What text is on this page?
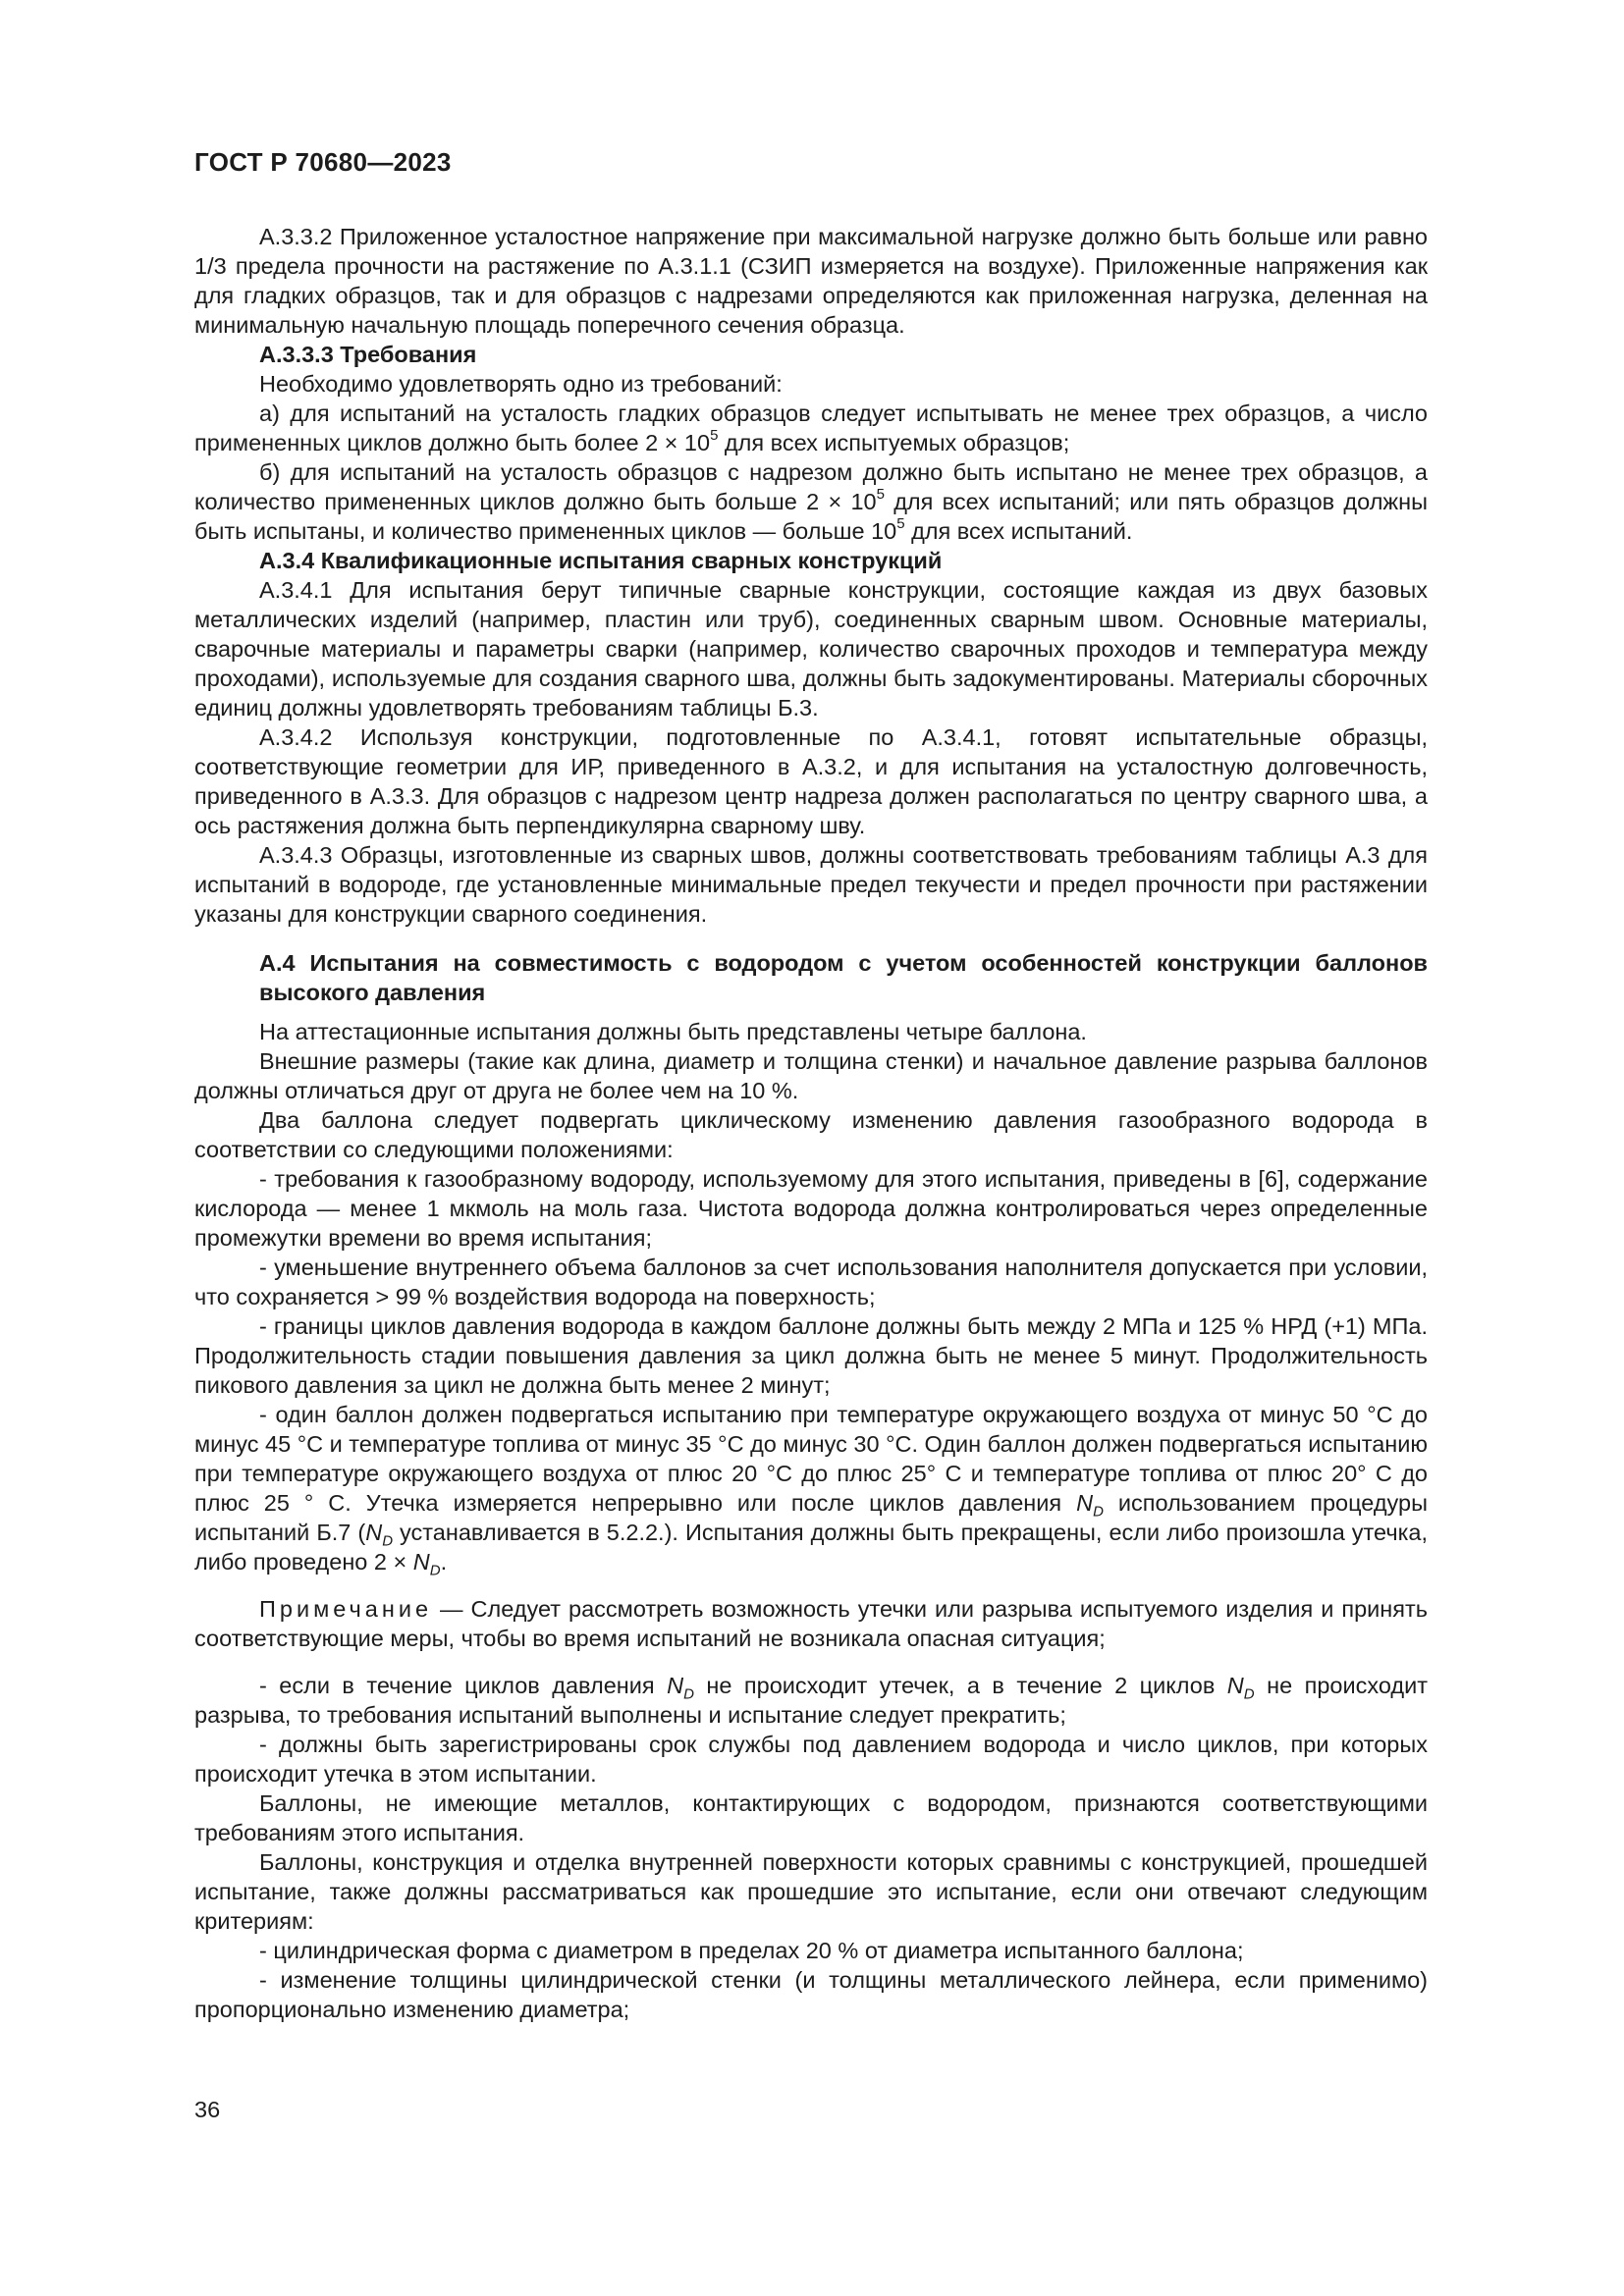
ГОСТ Р 70680—2023

А.3.3.2 Приложенное усталостное напряжение при максимальной нагрузке должно быть больше или равно 1/3 предела прочности на растяжение по А.3.1.1 (СЗИП измеряется на воздухе). Приложенные напряжения как для гладких образцов, так и для образцов с надрезами определяются как приложенная нагрузка, деленная на минимальную начальную площадь поперечного сечения образца.

А.3.3.3 Требования

Необходимо удовлетворять одно из требований:

а) для испытаний на усталость гладких образцов следует испытывать не менее трех образцов, а число примененных циклов должно быть более $2 \times 10^5$ для всех испытуемых образцов;

б) для испытаний на усталость образцов с надрезом должно быть испытано не менее трех образцов, а количество примененных циклов должно быть больше $2 \times 10^5$ для всех испытаний; или пять образцов должны быть испытаны, и количество примененных циклов — больше $10^5$ для всех испытаний.

А.3.4 Квалификационные испытания сварных конструкций

А.3.4.1 Для испытания берут типичные сварные конструкции, состоящие каждая из двух базовых металлических изделий (например, пластин или труб), соединенных сварным швом. Основные материалы, сварочные материалы и параметры сварки (например, количество сварочных проходов и температура между проходами), используемые для создания сварного шва, должны быть задокументированы. Материалы сборочных единиц должны удовлетворять требованиям таблицы Б.3.

А.3.4.2 Используя конструкции, подготовленные по А.3.4.1, готовят испытательные образцы, соответствующие геометрии для ИР, приведенного в А.3.2, и для испытания на усталостную долговечность, приведенного в А.3.3. Для образцов с надрезом центр надреза должен располагаться по центру сварного шва, а ось растяжения должна быть перпендикулярна сварному шву.

А.3.4.3 Образцы, изготовленные из сварных швов, должны соответствовать требованиям таблицы А.3 для испытаний в водороде, где установленные минимальные предел текучести и предел прочности при растяжении указаны для конструкции сварного соединения.

А.4 Испытания на совместимость с водородом с учетом особенностей конструкции баллонов высокого давления

На аттестационные испытания должны быть представлены четыре баллона.

Внешние размеры (такие как длина, диаметр и толщина стенки) и начальное давление разрыва баллонов должны отличаться друг от друга не более чем на 10 %.

Два баллона следует подвергать циклическому изменению давления газообразного водорода в соответствии со следующими положениями:

- требования к газообразному водороду, используемому для этого испытания, приведены в [6], содержание кислорода — менее 1 мкмоль на моль газа. Чистота водорода должна контролироваться через определенные промежутки времени во время испытания;

- уменьшение внутреннего объема баллонов за счет использования наполнителя допускается при условии, что сохраняется > 99 % воздействия водорода на поверхность;

- границы циклов давления водорода в каждом баллоне должны быть между 2 МПа и 125 % НРД (+1) МПа. Продолжительность стадии повышения давления за цикл должна быть не менее 5 минут. Продолжительность пикового давления за цикл не должна быть менее 2 минут;

- один баллон должен подвергаться испытанию при температуре окружающего воздуха от минус 50 °С до минус 45 °С и температуре топлива от минус 35 °С до минус 30 °С. Один баллон должен подвергаться испытанию при температуре окружающего воздуха от плюс 20 °С до плюс 25° С и температуре топлива от плюс 20° С до плюс 25 ° С. Утечка измеряется непрерывно или после циклов давления $N_D$ использованием процедуры испытаний Б.7 ($N_D$ устанавливается в 5.2.2.). Испытания должны быть прекращены, если либо произошла утечка, либо проведено $2 \times N_D$.

Примечание — Следует рассмотреть возможность утечки или разрыва испытуемого изделия и принять соответствующие меры, чтобы во время испытаний не возникала опасная ситуация;

- если в течение циклов давления $N_D$ не происходит утечек, а в течение 2 циклов $N_D$ не происходит разрыва, то требования испытаний выполнены и испытание следует прекратить;

- должны быть зарегистрированы срок службы под давлением водорода и число циклов, при которых происходит утечка в этом испытании.

Баллоны, не имеющие металлов, контактирующих с водородом, признаются соответствующими требованиям этого испытания.

Баллоны, конструкция и отделка внутренней поверхности которых сравнимы с конструкцией, прошедшей испытание, также должны рассматриваться как прошедшие это испытание, если они отвечают следующим критериям:

- цилиндрическая форма с диаметром в пределах 20 % от диаметра испытанного баллона;

- изменение толщины цилиндрической стенки (и толщины металлического лейнера, если применимо) пропорционально изменению диаметра;

36
